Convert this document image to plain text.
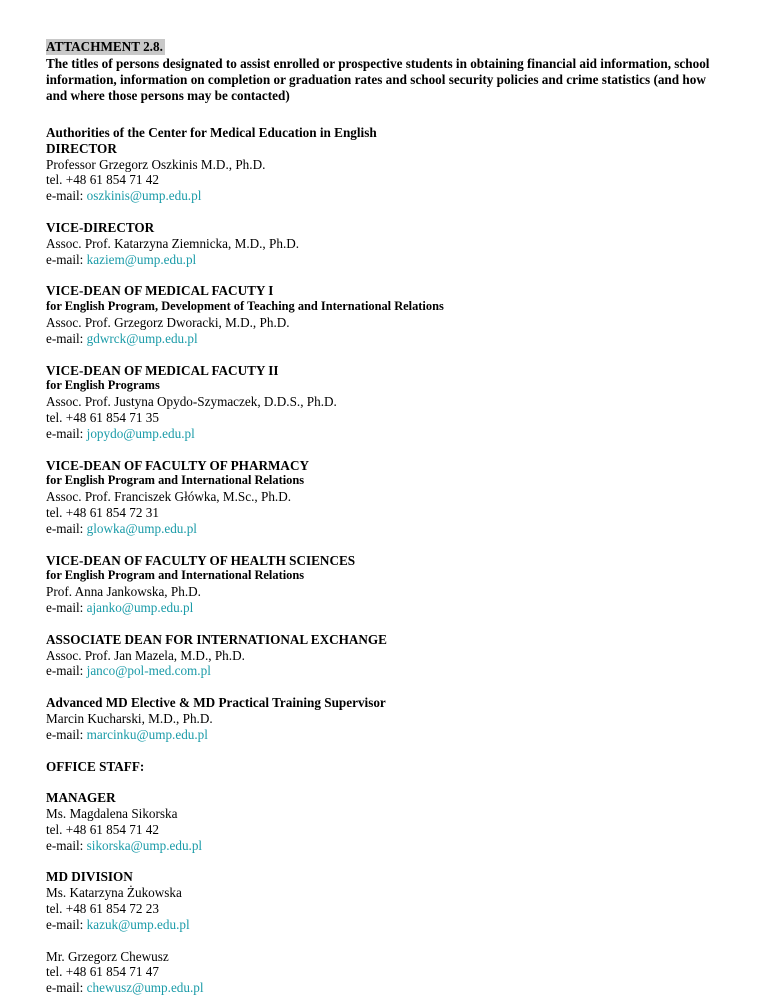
ATTACHMENT 2.8.

The titles of persons designated to assist enrolled or prospective students in obtaining financial aid information, school information, information on completion or graduation rates and school security policies and crime statistics (and how and where those persons may be contacted)

Authorities of the Center for Medical Education in English
DIRECTOR
Professor Grzegorz Oszkinis M.D., Ph.D.
tel. +48 61 854 71 42
e-mail: oszkinis@ump.edu.pl
VICE-DIRECTOR
Assoc. Prof. Katarzyna Ziemnicka, M.D., Ph.D.
e-mail: kaziem@ump.edu.pl
VICE-DEAN OF MEDICAL FACUTY I
for English Program, Development of Teaching and International Relations
Assoc. Prof. Grzegorz Dworacki, M.D., Ph.D.
e-mail: gdwrck@ump.edu.pl
VICE-DEAN OF MEDICAL FACUTY II
for English Programs
Assoc. Prof. Justyna Opydo-Szymaczek, D.D.S., Ph.D.
tel. +48 61 854 71 35
e-mail: jopydo@ump.edu.pl
VICE-DEAN OF FACULTY OF PHARMACY
for English Program and International Relations
Assoc. Prof. Franciszek Główka, M.Sc., Ph.D.
tel. +48 61 854 72 31
e-mail: glowka@ump.edu.pl
VICE-DEAN OF FACULTY OF HEALTH SCIENCES
for English Program and International Relations
Prof. Anna Jankowska, Ph.D.
e-mail: ajanko@ump.edu.pl
ASSOCIATE DEAN FOR INTERNATIONAL EXCHANGE
Assoc. Prof. Jan Mazela, M.D., Ph.D.
e-mail: janco@pol-med.com.pl
Advanced MD Elective & MD Practical Training Supervisor
Marcin Kucharski, M.D., Ph.D.
e-mail: marcinku@ump.edu.pl
OFFICE STAFF:
MANAGER
Ms. Magdalena Sikorska
tel. +48 61 854 71 42
e-mail: sikorska@ump.edu.pl
MD DIVISION
Ms. Katarzyna Żukowska
tel. +48 61 854 72 23
e-mail: kazuk@ump.edu.pl
Mr. Grzegorz Chewusz
tel. +48 61 854 71 47
e-mail: chewusz@ump.edu.pl
